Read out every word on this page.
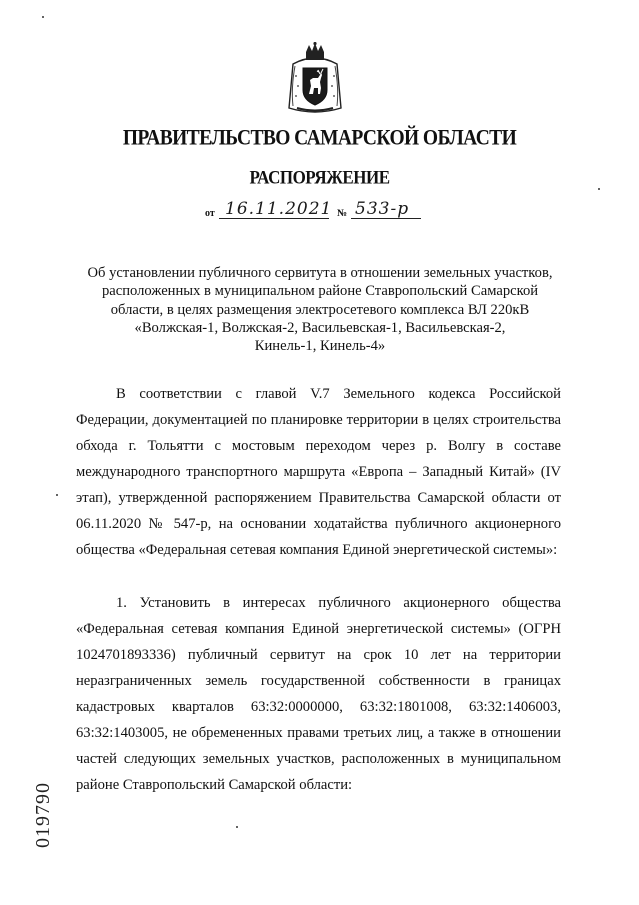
ПРАВИТЕЛЬСТВО САМАРСКОЙ ОБЛАСТИ
РАСПОРЯЖЕНИЕ
от 16.11.2021 № 533-р
Об установлении публичного сервитута в отношении земельных участков,
расположенных в муниципальном районе Ставропольский Самарской
области, в целях размещения электросетевого комплекса ВЛ 220кВ
«Волжская-1, Волжская-2, Васильевская-1, Васильевская-2,
Кинель-1, Кинель-4»
В соответствии с главой V.7 Земельного кодекса Российской Федерации, документацией по планировке территории в целях строительства обхода г. Тольятти с мостовым переходом через р. Волгу в составе международного транспортного маршрута «Европа – Западный Китай» (IV этап), утвержденной распоряжением Правительства Самарской области от 06.11.2020 № 547-р, на основании ходатайства публичного акционерного общества «Федеральная сетевая компания Единой энергетической системы»:
1. Установить в интересах публичного акционерного общества «Федеральная сетевая компания Единой энергетической системы» (ОГРН 1024701893336) публичный сервитут на срок 10 лет на территории неразграниченных земель государственной собственности в границах кадастровых кварталов 63:32:0000000, 63:32:1801008, 63:32:1406003, 63:32:1403005, не обремененных правами третьих лиц, а также в отношении частей следующих земельных участков, расположенных в муниципальном районе Ставропольский Самарской области:
019790
